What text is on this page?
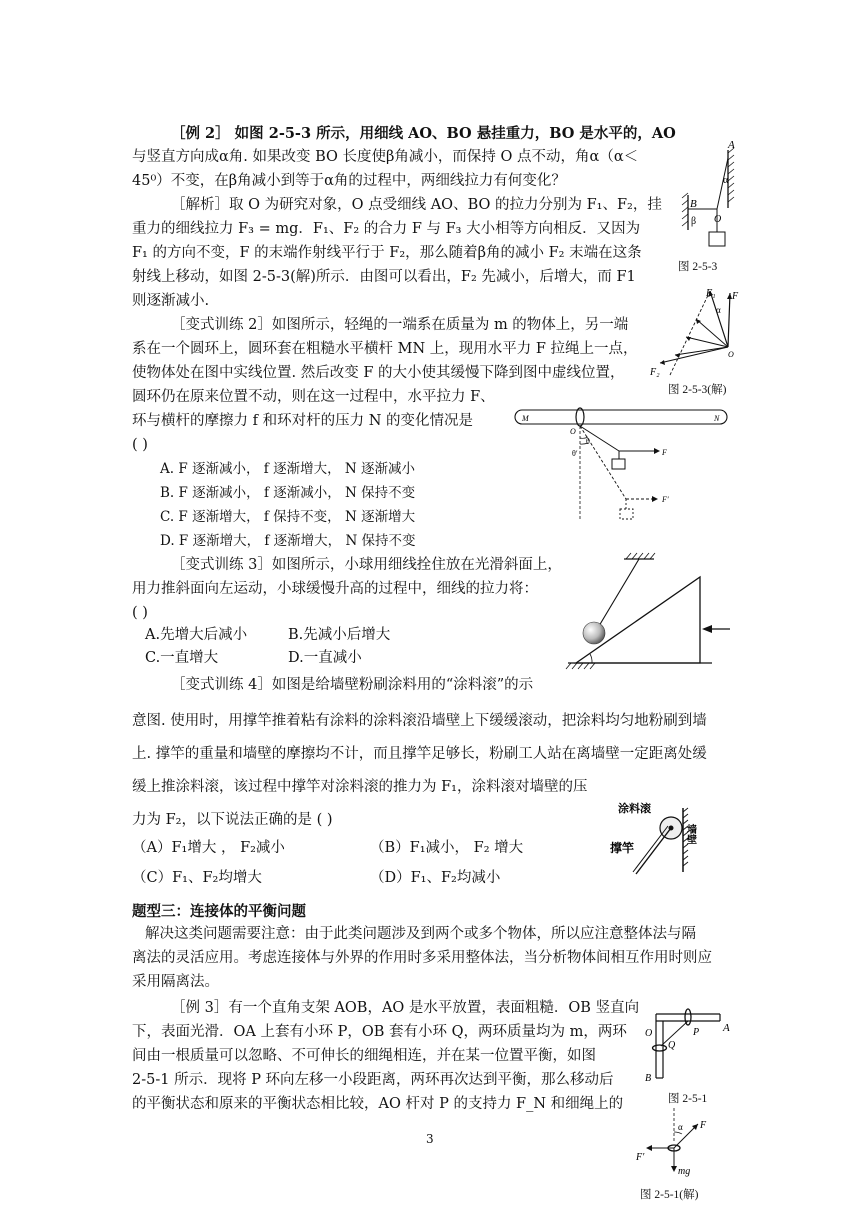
［例 2］ 如图 2-5-3 所示，用细线 AO、BO 悬挂重力，BO 是水平的，AO
与竖直方向成α角. 如果改变 BO 长度使β角减小，而保持 O 点不动，角α（α＜
45⁰）不变，在β角减小到等于α角的过程中，两细线拉力有何变化？
［解析］取 O 为研究对象，O 点受细线 AO、BO 的拉力分别为 F₁、F₂，挂
重力的细线拉力 F₃ = mg．F₁、F₂ 的合力 F 与 F₃ 大小相等方向相反．又因为
F₁ 的方向不变，F 的末端作射线平行于 F₂，那么随着β角的减小 F₂ 末端在这条
射线上移动，如图 2-5-3(解)所示．由图可以看出，F₂ 先减小，后增大，而 F1
则逐渐减小.
［变式训练 2］如图所示，轻绳的一端系在质量为 m 的物体上，另一端
系在一个圆环上，圆环套在粗糙水平横杆 MN 上，现用水平力 F 拉绳上一点，
使物体处在图中实线位置. 然后改变 F 的大小使其缓慢下降到图中虚线位置，
圆环仍在原来位置不动，则在这一过程中，水平拉力 F、
环与横杆的摩擦力 f 和环对杆的压力 N 的变化情况是
( )
A. F 逐渐减小， f 逐渐增大， N 逐渐减小
B. F 逐渐减小， f 逐渐减小， N 保持不变
C. F 逐渐增大， f 保持不变， N 逐渐增大
D. F 逐渐增大， f 逐渐增大， N 保持不变
［变式训练 3］如图所示，小球用细线拴住放在光滑斜面上，
用力推斜面向左运动，小球缓慢升高的过程中，细线的拉力将：
( )
A.先增大后减小	B.先减小后增大
C.一直增大	D.一直减小
［变式训练 4］如图是给墙壁粉刷涂料用的“涂料滚”的示
意图. 使用时，用撑竿推着粘有涂料的涂料滚沿墙壁上下缓缓滚动，把涂料均匀地粉刷到墙
上. 撑竿的重量和墙壁的摩擦均不计，而且撑竿足够长，粉刷工人站在离墙壁一定距离处缓
缓上推涂料滚，该过程中撑竿对涂料滚的推力为 F₁，涂料滚对墙壁的压
力为 F₂，以下说法正确的是 ( )
（A）F₁增大 ， F₂减小	（B）F₁减小， F₂ 增大
（C）F₁、F₂均增大	（D）F₁、F₂均减小
题型三：连接体的平衡问题
解决这类问题需要注意：由于此类问题涉及到两个或多个物体，所以应注意整体法与隔
离法的灵活应用。考虑连接体与外界的作用时多采用整体法，当分析物体间相互作用时则应
采用隔离法。
［例 3］有一个直角支架 AOB，AO 是水平放置，表面粗糙．OB 竖直向
下，表面光滑．OA 上套有小环 P，OB 套有小环 Q，两环质量均为 m，两环
间由一根质量可以忽略、不可伸长的细绳相连，并在某一位置平衡，如图
2-5-1 所示．现将 P 环向左移一小段距离，两环再次达到平衡，那么移动后
的平衡状态和原来的平衡状态相比较，AO 杆对 P 的支持力 F_N 和细绳上的
3
A
B
O
α
β
图 2-5-3
F₁ F
α
F₂
O
图 2-5-3(解)
M	N
O
F
F′
θ
θ′
涂料滚
撑竿
墙壁
O	A
P
Q
B
图 2-5-1
α F
F′
mg
图 2-5-1(解)
